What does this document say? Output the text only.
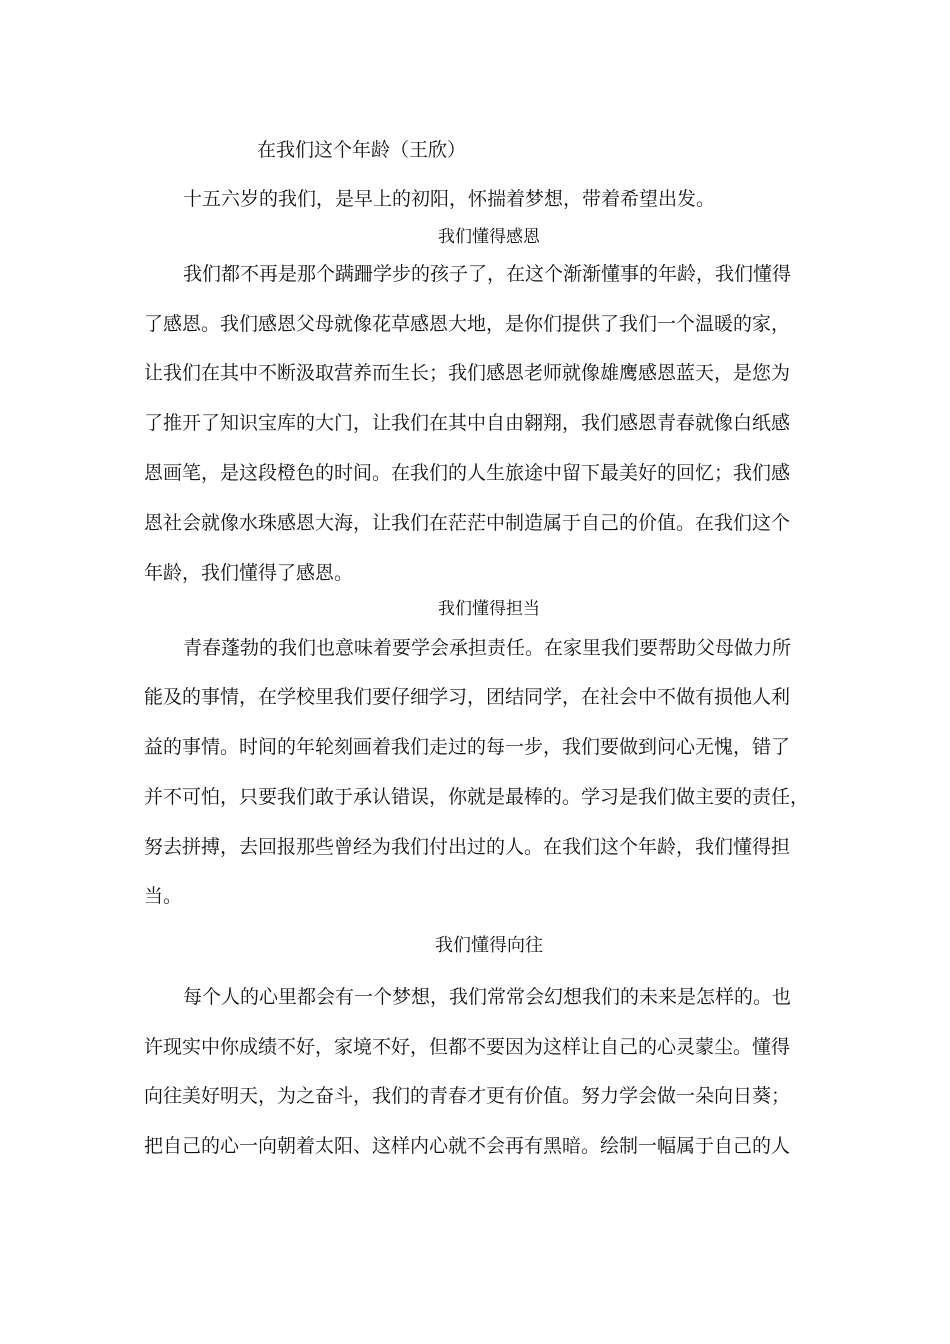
在我们这个年龄（王欣）
十五六岁的我们，是早上的初阳，怀揣着梦想，带着希望出发。
我们懂得感恩
我们都不再是那个蹒跚学步的孩子了，在这个渐渐懂事的年龄，我们懂得
了感恩。我们感恩父母就像花草感恩大地，是你们提供了我们一个温暖的家，
让我们在其中不断汲取营养而生长；我们感恩老师就像雄鹰感恩蓝天，是您为
了推开了知识宝库的大门，让我们在其中自由翱翔，我们感恩青春就像白纸感
恩画笔，是这段橙色的时间。在我们的人生旅途中留下最美好的回忆；我们感
恩社会就像水珠感恩大海，让我们在茫茫中制造属于自己的价值。在我们这个
年龄，我们懂得了感恩。
我们懂得担当
青春蓬勃的我们也意味着要学会承担责任。在家里我们要帮助父母做力所
能及的事情，在学校里我们要仔细学习，团结同学，在社会中不做有损他人利
益的事情。时间的年轮刻画着我们走过的每一步，我们要做到问心无愧，错了
并不可怕，只要我们敢于承认错误，你就是最棒的。学习是我们做主要的责任，
努去拼搏，去回报那些曾经为我们付出过的人。在我们这个年龄，我们懂得担
当。
我们懂得向往
每个人的心里都会有一个梦想，我们常常会幻想我们的未来是怎样的。也
许现实中你成绩不好，家境不好，但都不要因为这样让自己的心灵蒙尘。懂得
向往美好明天，为之奋斗，我们的青春才更有价值。努力学会做一朵向日葵；
把自己的心一向朝着太阳、这样内心就不会再有黑暗。绘制一幅属于自己的人
